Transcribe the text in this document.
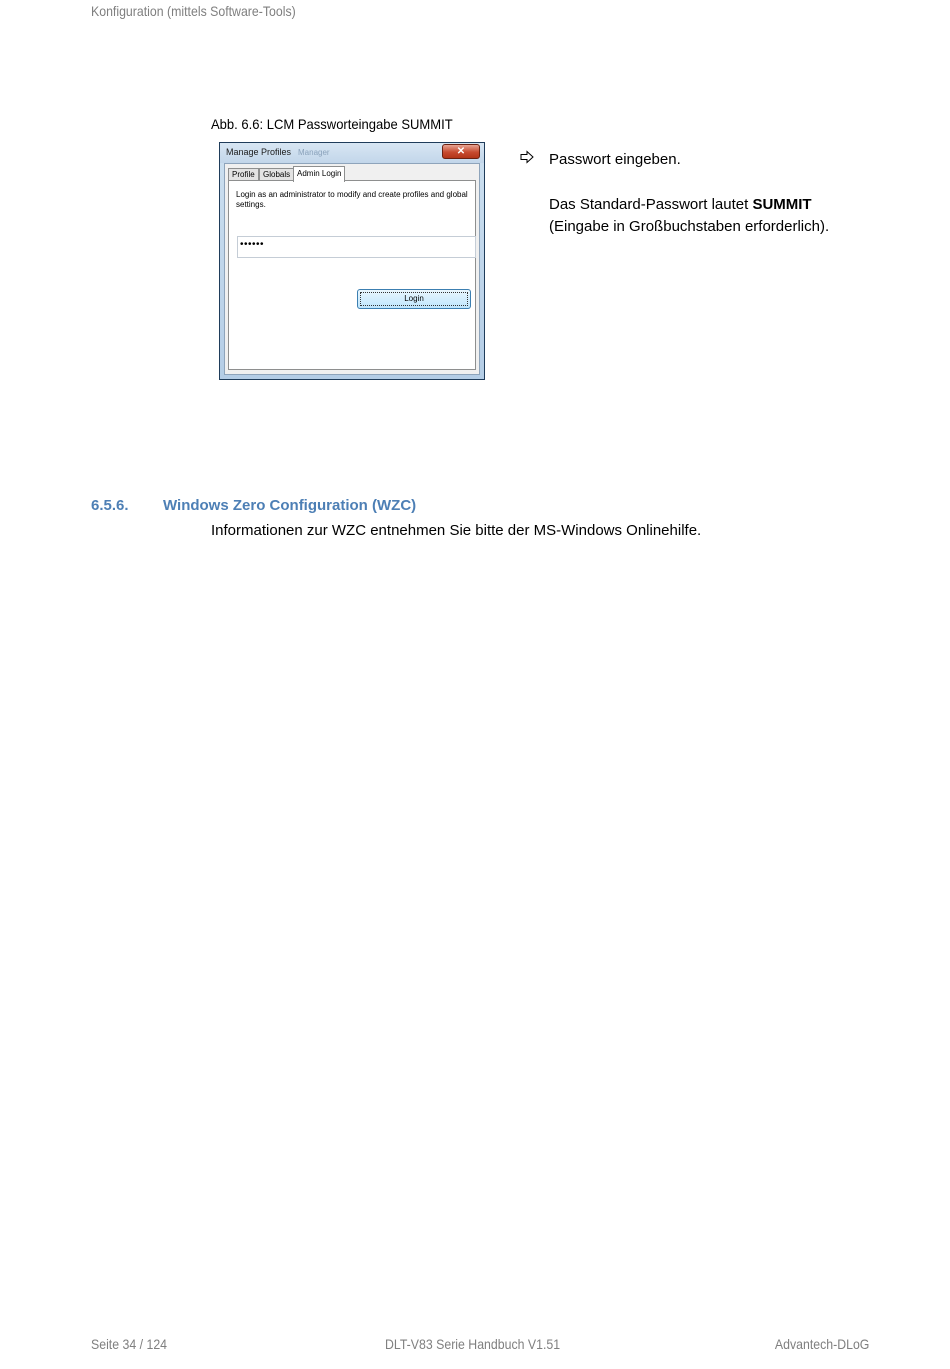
Konfiguration (mittels Software-Tools)
Abb. 6.6: LCM Passworteingabe SUMMIT
Manage Profiles Manager	✕
Profile	Globals Admin Login
Login as an administrator to modify and create profiles and global settings.
••••••
Login
Passwort eingeben.
Das Standard-Passwort lautet SUMMIT
(Eingabe in Großbuchstaben erforderlich).
6.5.6. Windows Zero Configuration (WZC)
Informationen zur WZC entnehmen Sie bitte der MS-Windows Onlinehilfe.
Seite 34 / 124	DLT-V83 Serie Handbuch V1.51	Advantech-DLoG
